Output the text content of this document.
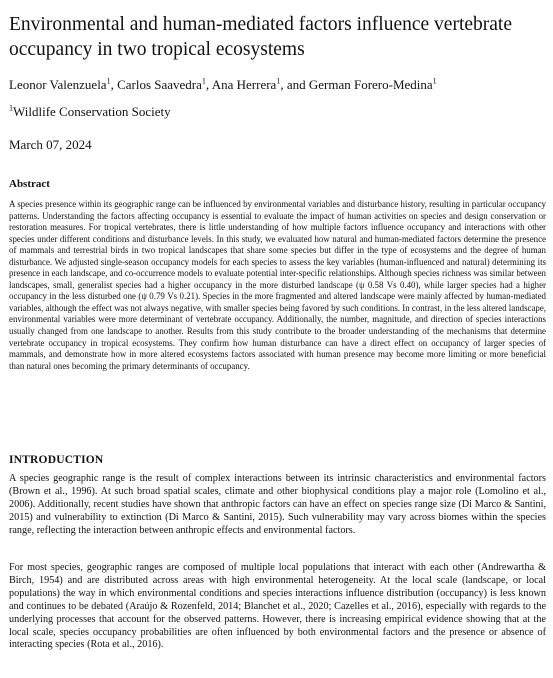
Environmental and human-mediated factors influence vertebrate occupancy in two tropical ecosystems
Leonor Valenzuela$^1$, Carlos Saavedra$^1$, Ana Herrera$^1$, and German Forero-Medina$^1$
$^1$Wildlife Conservation Society
March 07, 2024
Abstract

A species presence within its geographic range can be influenced by environmental variables and disturbance history, resulting in particular occupancy patterns. Understanding the factors affecting occupancy is essential to evaluate the impact of human activities on species and design conservation or restoration measures. For tropical vertebrates, there is little understanding of how multiple factors influence occupancy and interactions with other species under different conditions and disturbance levels. In this study, we evaluated how natural and human-mediated factors determine the presence of mammals and terrestrial birds in two tropical landscapes that share some species but differ in the type of ecosystems and the degree of human disturbance. We adjusted single-season occupancy models for each species to assess the key variables (human-influenced and natural) determining its presence in each landscape, and co-occurrence models to evaluate potential inter-specific relationships. Although species richness was similar between landscapes, small, generalist species had a higher occupancy in the more disturbed landscape (ψ 0.58 Vs 0.40), while larger species had a higher occupancy in the less disturbed one (ψ 0.79 Vs 0.21). Species in the more fragmented and altered landscape were mainly affected by human-mediated variables, although the effect was not always negative, with smaller species being favored by such conditions. In contrast, in the less altered landscape, environmental variables were more determinant of vertebrate occupancy. Additionally, the number, magnitude, and direction of species interactions usually changed from one landscape to another. Results from this study contribute to the broader understanding of the mechanisms that determine vertebrate occupancy in tropical ecosystems. They confirm how human disturbance can have a direct effect on occupancy of larger species of mammals, and demonstrate how in more altered ecosystems factors associated with human presence may become more limiting or more beneficial than natural ones becoming the primary determinants of occupancy.

INTRODUCTION

A species geographic range is the result of complex interactions between its intrinsic characteristics and environmental factors (Brown et al., 1996). At such broad spatial scales, climate and other biophysical conditions play a major role (Lomolino et al., 2006). Additionally, recent studies have shown that anthropic factors can have an effect on species range size (Di Marco & Santini, 2015) and vulnerability to extinction (Di Marco & Santini, 2015). Such vulnerability may vary across biomes within the species range, reflecting the interaction between anthropic effects and environmental factors.

For most species, geographic ranges are composed of multiple local populations that interact with each other (Andrewartha & Birch, 1954) and are distributed across areas with high environmental heterogeneity. At the local scale (landscape, or local populations) the way in which environmental conditions and species interactions influence distribution (occupancy) is less known and continues to be debated (Araújo & Rozenfeld, 2014; Blanchet et al., 2020; Cazelles et al., 2016), especially with regards to the underlying processes that account for the observed patterns. However, there is increasing empirical evidence showing that at the local scale, species occupancy probabilities are often influenced by both environmental factors and the presence or absence of interacting species (Rota et al., 2016).
